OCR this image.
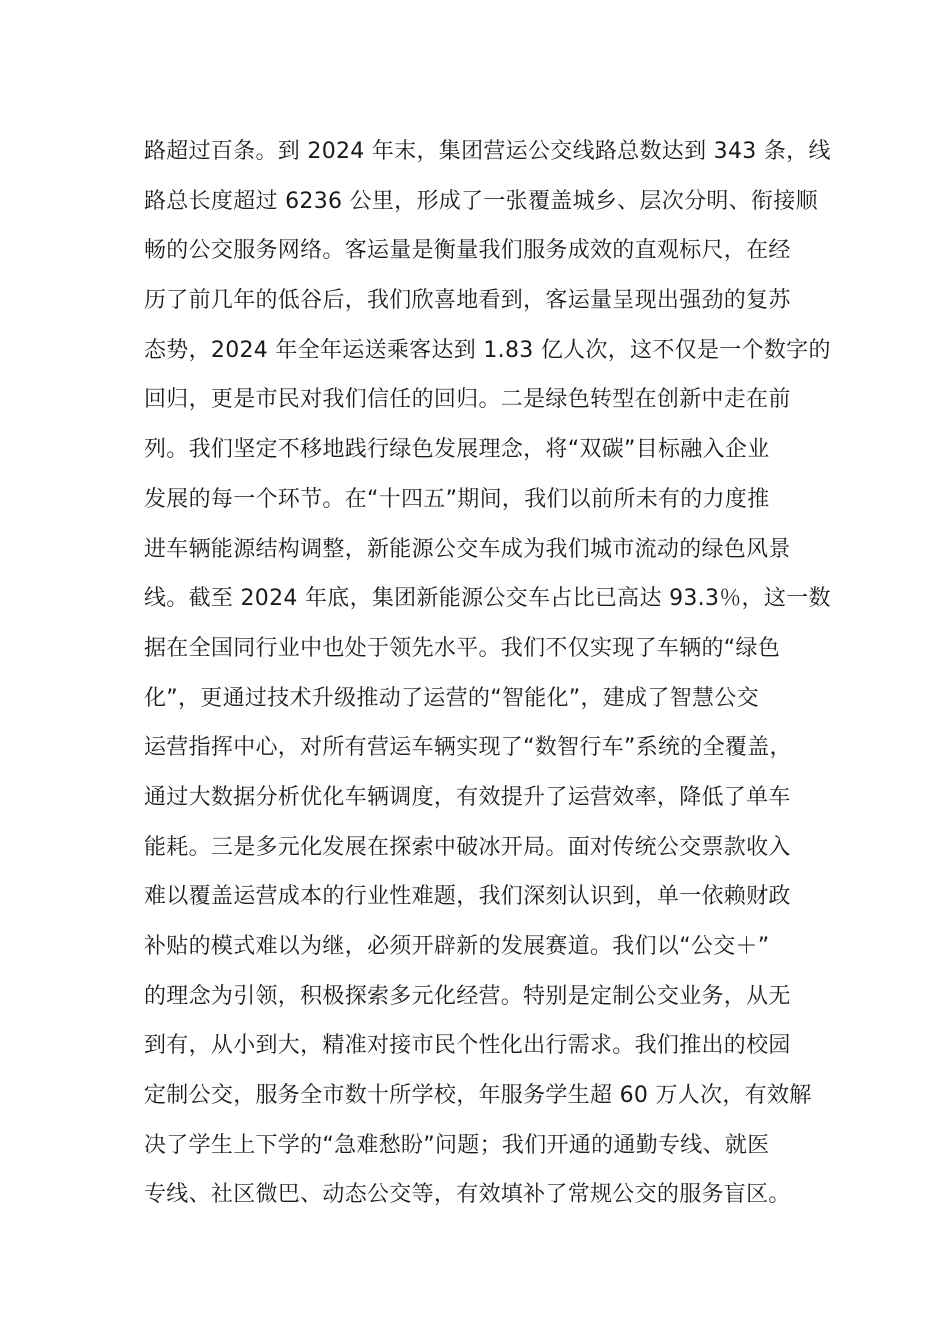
路超过百条。到 2024 年末，集团营运公交线路总数达到 343 条，线
路总长度超过 6236 公里，形成了一张覆盖城乡、层次分明、衔接顺
畅的公交服务网络。客运量是衡量我们服务成效的直观标尺，在经
历了前几年的低谷后，我们欣喜地看到，客运量呈现出强劲的复苏
态势，2024 年全年运送乘客达到 1.83 亿人次，这不仅是一个数字的
回归，更是市民对我们信任的回归。二是绿色转型在创新中走在前
列。我们坚定不移地践行绿色发展理念，将“双碳”目标融入企业
发展的每一个环节。在“十四五”期间，我们以前所未有的力度推
进车辆能源结构调整，新能源公交车成为我们城市流动的绿色风景
线。截至 2024 年底，集团新能源公交车占比已高达 93.3％，这一数
据在全国同行业中也处于领先水平。我们不仅实现了车辆的“绿色
化”，更通过技术升级推动了运营的“智能化”，建成了智慧公交
运营指挥中心，对所有营运车辆实现了“数智行车”系统的全覆盖，
通过大数据分析优化车辆调度，有效提升了运营效率，降低了单车
能耗。三是多元化发展在探索中破冰开局。面对传统公交票款收入
难以覆盖运营成本的行业性难题，我们深刻认识到，单一依赖财政
补贴的模式难以为继，必须开辟新的发展赛道。我们以“公交＋”
的理念为引领，积极探索多元化经营。特别是定制公交业务，从无
到有，从小到大，精准对接市民个性化出行需求。我们推出的校园
定制公交，服务全市数十所学校，年服务学生超 60 万人次，有效解
决了学生上下学的“急难愁盼”问题；我们开通的通勤专线、就医
专线、社区微巴、动态公交等，有效填补了常规公交的服务盲区。
